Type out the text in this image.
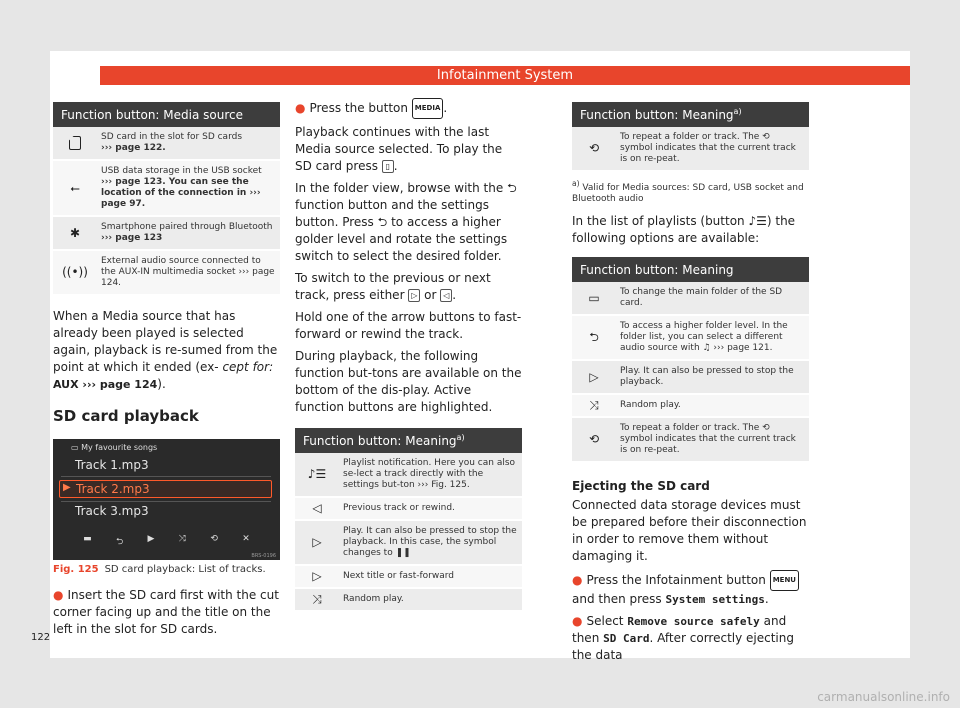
Infotainment System
Function button: Media source	
	SD card in the slot for SD cards
››› page 122.

⭠	USB data storage in the USB socket
››› page 123. You can see the location of the connection in ››› page 97.

✱	Smartphone paired through Bluetooth
››› page 123

((•))	External audio source connected to the AUX-IN multimedia socket ››› page 124.

When a Media source that has already been played is selected again, playback is re-sumed from the point at which it ended (ex- cept for: AUX ››› page 124).

SD card playback
▭ My favourite songs
Track 1.mp3
▶ Track 2.mp3
Track 3.mp3
▬	⮌	▶	⤨	⟲	✕
BRS-0196
Fig. 125 SD card playback: List of tracks.

● Insert the SD card first with the cut corner facing up and the title on the left in the slot for SD cards.

● Press the button MEDIA .

Playback continues with the last Media source selected. To play the SD card press ▯ .

In the folder view, browse with the ⮌ function button and the settings button. Press ⮌ to access a higher golder level and rotate the settings switch to select the desired folder.

To switch to the previous or next track, press either ▷ or ◁ .

Hold one of the arrow buttons to fast-forward or rewind the track.

During playback, the following function but-tons are available on the bottom of the dis-play. Active function buttons are highlighted.

Function button: Meaning$^{a)}$
♪☰	Playlist notification. Here you can also se-lect a track directly with the settings but-ton ››› Fig. 125.
◁	Previous track or rewind.
▷	Play. It can also be pressed to stop the playback. In this case, the symbol changes to ❚❚
▷	Next title or fast-forward
⤨	Random play.
Function button: Meaning$^{a)}$
⟲	To repeat a folder or track. The ⟲ symbol indicates that the current track is on re-peat.
$^{a)}$ Valid for Media sources: SD card, USB socket and Bluetooth audio

In the list of playlists (button ♪☰) the following options are available:

Function button: Meaning
▭	To change the main folder of the SD card.
⮌	To access a higher folder level. In the folder list, you can select a different audio source with ♫ ››› page 121.
▷	Play. It can also be pressed to stop the playback.
⤨	Random play.
⟲	To repeat a folder or track. The ⟲ symbol indicates that the current track is on re-peat.
Ejecting the SD card

Connected data storage devices must be prepared before their disconnection in order to remove them without damaging it.

● Press the Infotainment button MENU and then press System settings.

● Select Remove source safely and then SD Card. After correctly ejecting the data

122
carmanualsonline.info
